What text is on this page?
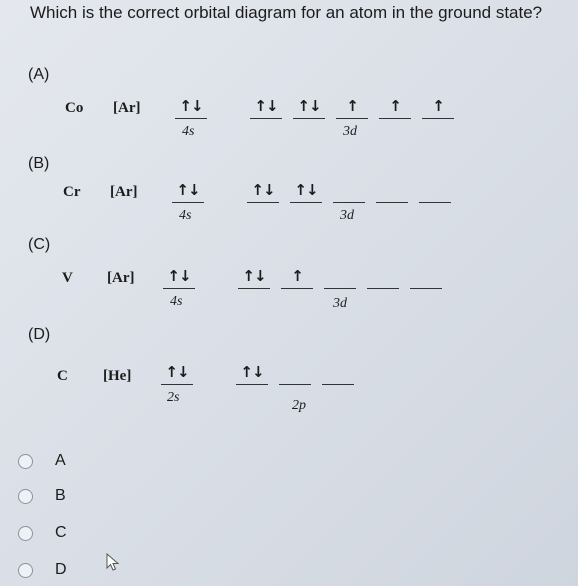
Which is the correct orbital diagram for an atom in the ground state?
(A)
Co [Ar]	↑↓	↑↓ ↑↓	↑	↑	↑
4s	3d
(B)
Cr [Ar]	↑↓	↑↓ ↑↓
4s	3d
(C)
V [Ar] ↑↓	↑↓	↑
4s	3d
(D)
C [He] ↑↓	↑↓
2s
2p
A
B
C
D
